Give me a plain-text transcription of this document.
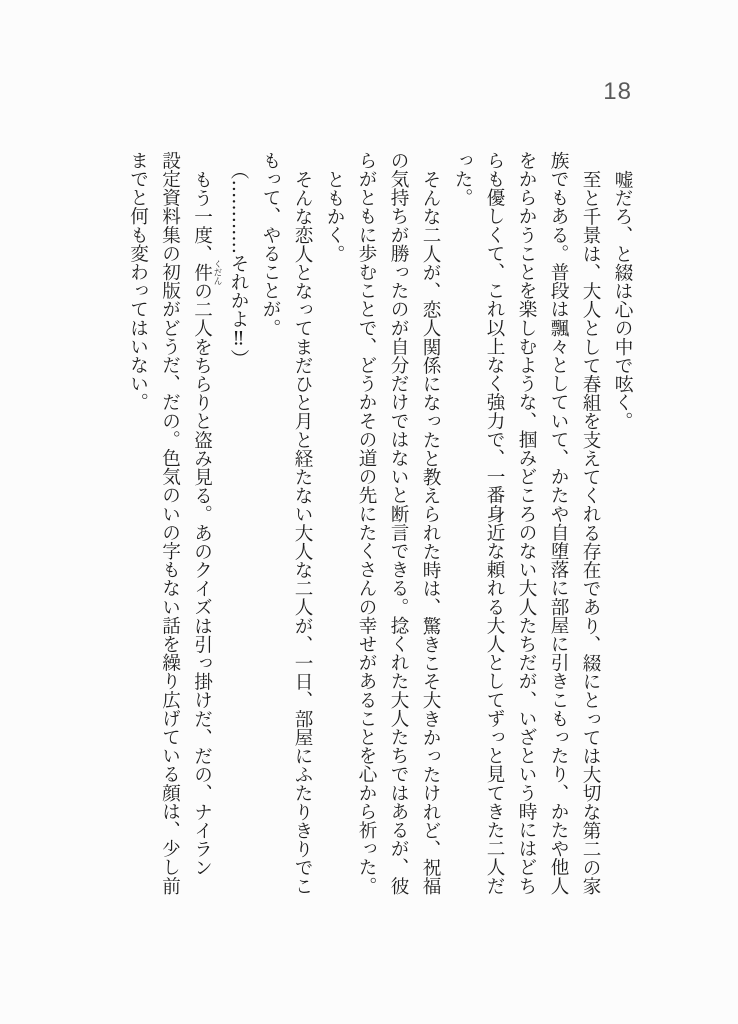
18

嘘だろ、と綴は心の中で呟く。

至と千景は、大人として春組を支えてくれる存在であり、綴にとっては大切な第二の家族でもある。普段は飄々としていて、かたや自堕落に部屋に引きこもったり、かたや他人をからかうことを楽しむような、掴みどころのない大人たちだが、いざという時にはどちらも優しくて、これ以上なく強力で、一番身近な頼れる大人としてずっと見てきた二人だった。

そんな二人が、恋人関係になったと教えられた時は、驚きこそ大きかったけれど、祝福の気持ちが勝ったのが自分だけではないと断言できる。捻くれた大人たちではあるが、彼らがともに歩むことで、どうかその道の先にたくさんの幸せがあることを心から祈った。

ともかく。

そんな恋人となってまだひと月と経たない大人な二人が、一日、部屋にふたりきりでこもって、やることが。

（…………それかよ‼）

もう一度、件 くだんの二人をちらりと盗み見る。あのクイズは引っ掛けだ、だの、ナイラン設定資料集の初版がどうだ、だの。色気のいの字もない話を繰り広げている顔は、少し前までと何も変わってはいない。
